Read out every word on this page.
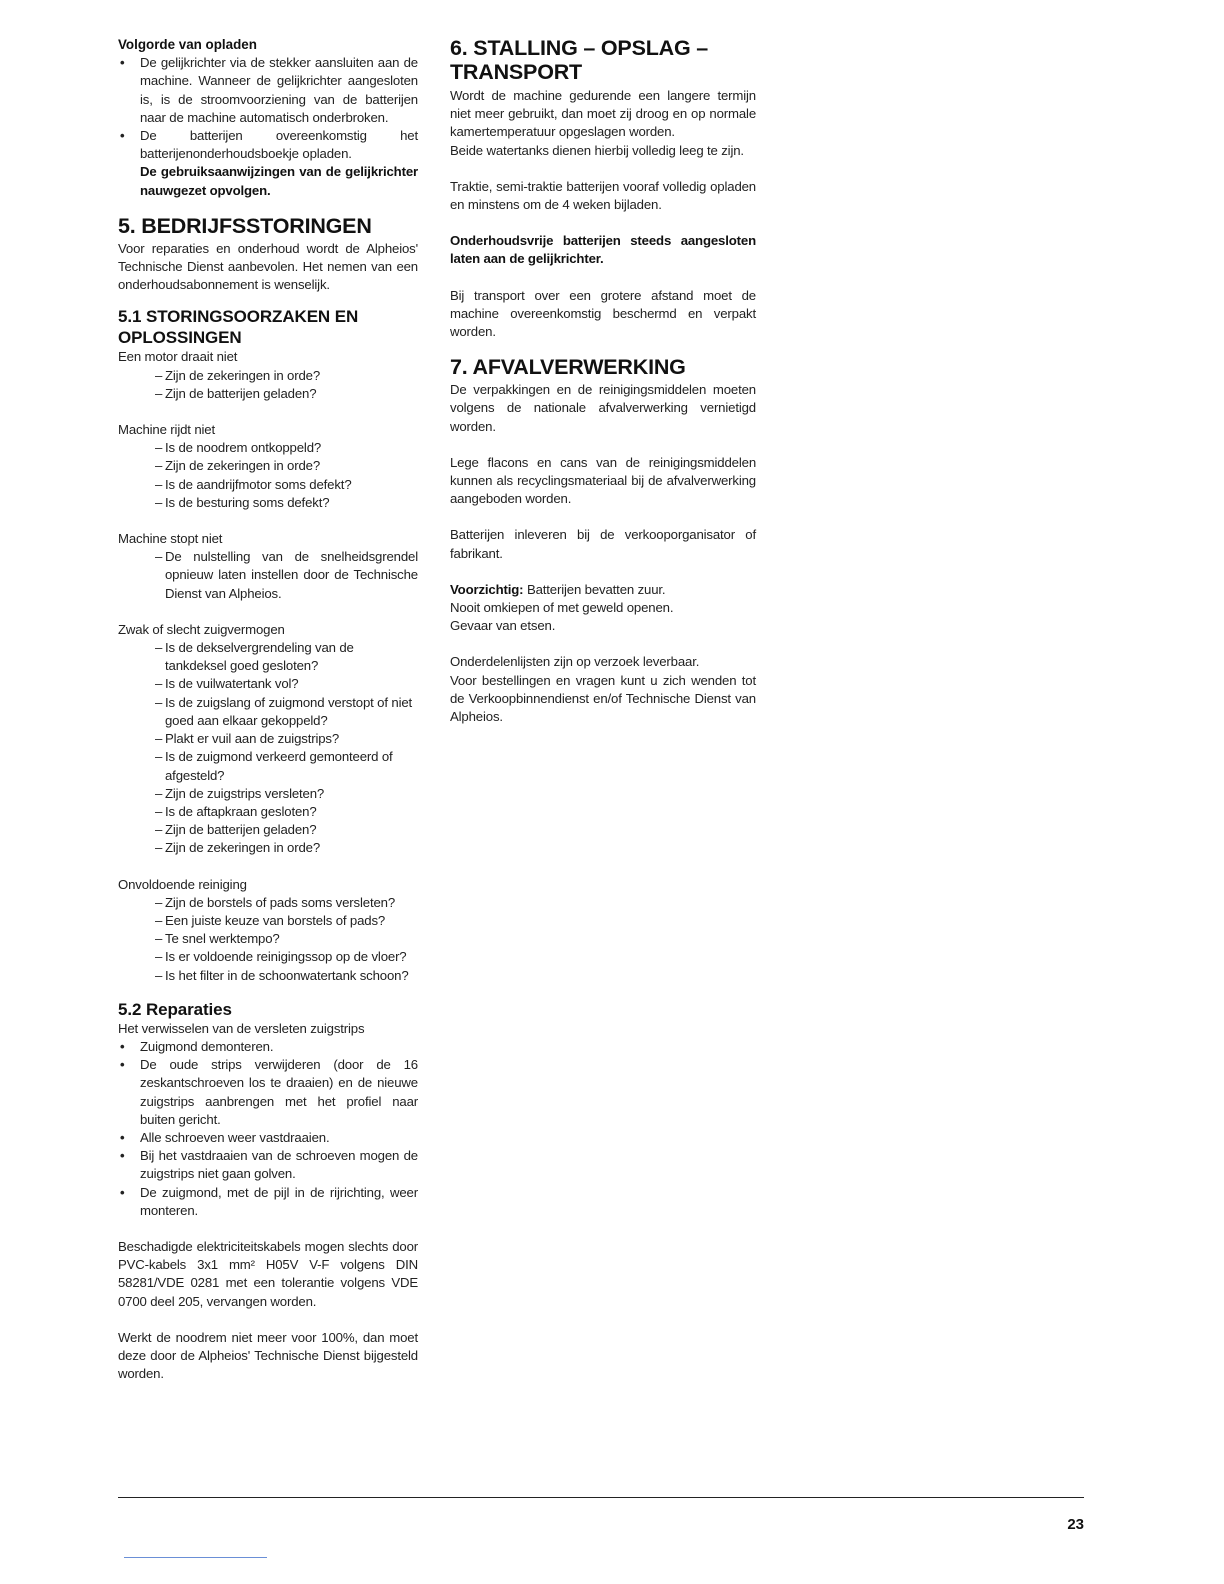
Volgorde van opladen

• De gelijkrichter via de stekker aansluiten aan de machine. Wanneer de gelijkrichter aangesloten is, is de stroomvoorziening van de batterijen naar de machine automatisch onderbroken.
• De batterijen overeenkomstig het batterijenonderhoudsboekje opladen.
De gebruiksaanwijzingen van de gelijkrichter nauwgezet opvolgen.
5. BEDRIJFSSTORINGEN

Voor reparaties en onderhoud wordt de Alpheios' Technische Dienst aanbevolen. Het nemen van een onderhoudsabonnement is wenselijk.

5.1 STORINGSOORZAKEN EN OPLOSSINGEN

Een motor draait niet

– Zijn de zekeringen in orde?
– Zijn de batterijen geladen?

Machine rijdt niet

– Is de noodrem ontkoppeld?
– Zijn de zekeringen in orde?
– Is de aandrijfmotor soms defekt?
– Is de besturing soms defekt?

Machine stopt niet

– De nulstelling van de snelheidsgrendel opnieuw laten instellen door de Technische Dienst van Alpheios.

Zwak of slecht zuigvermogen

– Is de dekselvergrendeling van de tankdeksel goed gesloten?
– Is de vuilwatertank vol?
– Is de zuigslang of zuigmond verstopt of niet goed aan elkaar gekoppeld?
– Plakt er vuil aan de zuigstrips?
– Is de zuigmond verkeerd gemonteerd of afgesteld?
– Zijn de zuigstrips versleten?
– Is de aftapkraan gesloten?
– Zijn de batterijen geladen?
– Zijn de zekeringen in orde?

Onvoldoende reiniging

– Zijn de borstels of pads soms versleten?
– Een juiste keuze van borstels of pads?
– Te snel werktempo?
– Is er voldoende reinigingssop op de vloer?
– Is het filter in de schoonwatertank schoon?
5.2 Reparaties

Het verwisselen van de versleten zuigstrips

• Zuigmond demonteren.
• De oude strips verwijderen (door de 16 zeskantschroeven los te draaien) en de nieuwe zuigstrips aanbrengen met het profiel naar buiten gericht.
• Alle schroeven weer vastdraaien.
• Bij het vastdraaien van de schroeven mogen de zuigstrips niet gaan golven.
• De zuigmond, met de pijl in de rijrichting, weer monteren.

Beschadigde elektriciteitskabels mogen slechts door PVC-kabels 3x1 mm² H05V V-F volgens DIN 58281/VDE 0281 met een tolerantie volgens VDE 0700 deel 205, vervangen worden.

Werkt de noodrem niet meer voor 100%, dan moet deze door de Alpheios' Technische Dienst bijgesteld worden.

6. STALLING – OPSLAG – TRANSPORT

Wordt de machine gedurende een langere termijn niet meer gebruikt, dan moet zij droog en op normale kamertemperatuur opgeslagen worden.

Beide watertanks dienen hierbij volledig leeg te zijn.

Traktie, semi-traktie batterijen vooraf volledig opladen en minstens om de 4 weken bijladen.

Onderhoudsvrije batterijen steeds aangesloten laten aan de gelijkrichter.

Bij transport over een grotere afstand moet de machine overeenkomstig beschermd en verpakt worden.

7. AFVALVERWERKING

De verpakkingen en de reinigingsmiddelen moeten volgens de nationale afvalverwerking vernietigd worden.

Lege flacons en cans van de reinigingsmiddelen kunnen als recyclingsmateriaal bij de afvalverwerking aangeboden worden.

Batterijen inleveren bij de verkooporganisator of fabrikant.

Voorzichtig: Batterijen bevatten zuur.

Nooit omkiepen of met geweld openen.

Gevaar van etsen.

Onderdelenlijsten zijn op verzoek leverbaar.

Voor bestellingen en vragen kunt u zich wenden tot de Verkoopbinnendienst en/of Technische Dienst van Alpheios.

23
